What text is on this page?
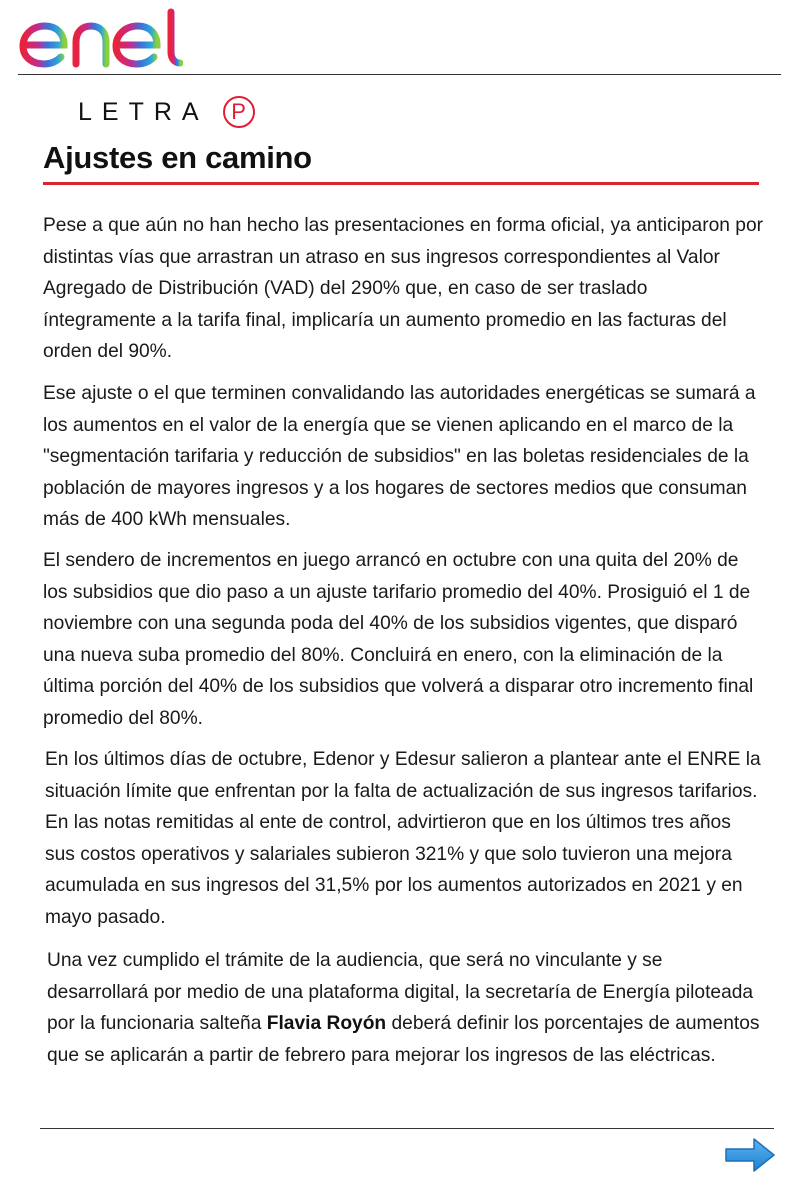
LETRA	P
Ajustes en camino

Pese a que aún no han hecho las presentaciones en forma oficial, ya anticiparon por distintas vías que arrastran un atraso en sus ingresos correspondientes al Valor Agregado de Distribución (VAD) del 290% que, en caso de ser traslado íntegramente a la tarifa final, implicaría un aumento promedio en las facturas del orden del 90%.

Ese ajuste o el que terminen convalidando las autoridades energéticas se sumará a los aumentos en el valor de la energía que se vienen aplicando en el marco de la "segmentación tarifaria y reducción de subsidios" en las boletas residenciales de la población de mayores ingresos y a los hogares de sectores medios que consuman más de 400 kWh mensuales.

El sendero de incrementos en juego arrancó en octubre con una quita del 20% de los subsidios que dio paso a un ajuste tarifario promedio del 40%. Prosiguió el 1 de noviembre con una segunda poda del 40% de los subsidios vigentes, que disparó una nueva suba promedio del 80%. Concluirá en enero, con la eliminación de la última porción del 40% de los subsidios que volverá a disparar otro incremento final promedio del 80%.

En los últimos días de octubre, Edenor y Edesur salieron a plantear ante el ENRE la situación límite que enfrentan por la falta de actualización de sus ingresos tarifarios. En las notas remitidas al ente de control, advirtieron que en los últimos tres años sus costos operativos y salariales subieron 321% y que solo tuvieron una mejora acumulada en sus ingresos del 31,5% por los aumentos autorizados en 2021 y en mayo pasado.

Una vez cumplido el trámite de la audiencia, que será no vinculante y se desarrollará por medio de una plataforma digital, la secretaría de Energía piloteada por la funcionaria salteña Flavia Royón deberá definir los porcentajes de aumentos que se aplicarán a partir de febrero para mejorar los ingresos de las eléctricas.
